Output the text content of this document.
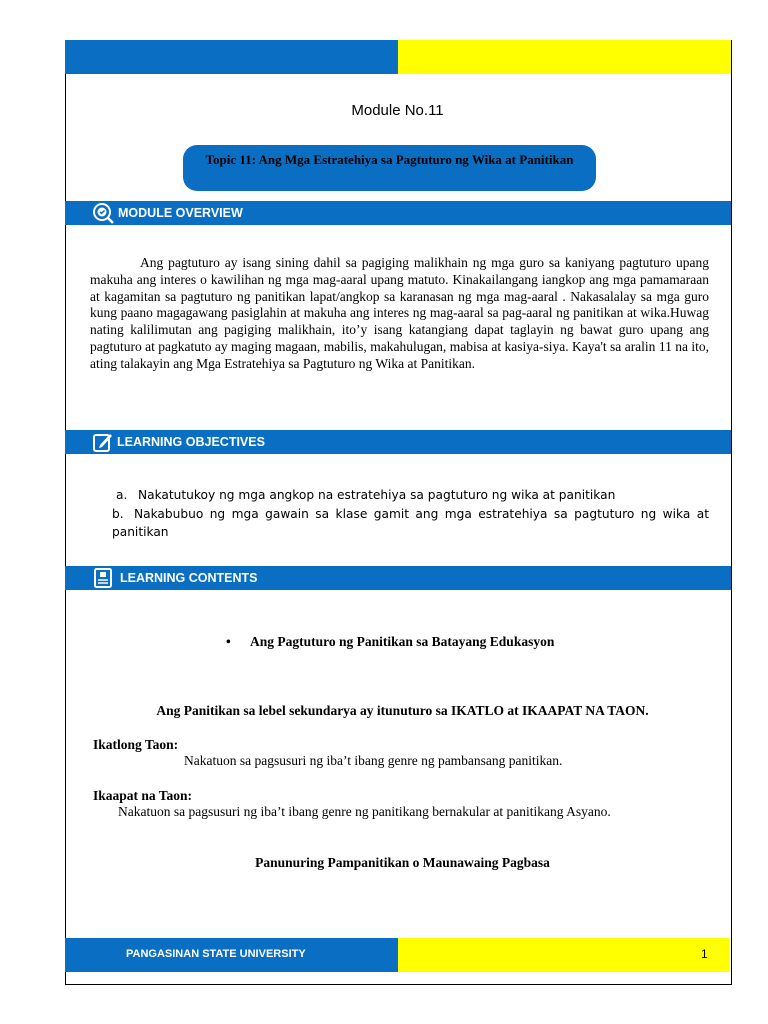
Module No.11
Topic 11: Ang Mga Estratehiya sa Pagtuturo ng Wika at Panitikan
MODULE OVERVIEW
Ang pagtuturo ay isang sining dahil sa pagiging malikhain ng mga guro sa kaniyang pagtuturo upang makuha ang interes o kawilihan ng mga mag-aaral upang matuto. Kinakailangang iangkop ang mga pamamaraan at kagamitan sa pagtuturo ng panitikan lapat/angkop sa karanasan ng mga mag-aaral . Nakasalalay sa mga guro kung paano magagawang pasiglahin at makuha ang interes ng mag-aaral sa pag-aaral ng panitikan at wika.Huwag nating kalilimutan ang pagiging malikhain, ito’y isang katangiang dapat taglayin ng bawat guro upang ang pagtuturo at pagkatuto ay maging magaan, mabilis, makahulugan, mabisa at kasiya-siya. Kaya't sa aralin 11 na ito, ating talakayin ang Mga Estratehiya sa Pagtuturo ng Wika at Panitikan.
LEARNING OBJECTIVES
a. Nakatutukoy ng mga angkop na estratehiya sa pagtuturo ng wika at panitikan
b. Nakabubuo ng mga gawain sa klase gamit ang mga estratehiya sa pagtuturo ng wika at panitikan
LEARNING CONTENTS
• Ang Pagtuturo ng Panitikan sa Batayang Edukasyon
Ang Panitikan sa lebel sekundarya ay itunuturo sa IKATLO at IKAAPAT NA TAON.
Ikatlong Taon:
Nakatuon sa pagsusuri ng iba’t ibang genre ng pambansang panitikan.
Ikaapat na Taon:
Nakatuon sa pagsusuri ng iba’t ibang genre ng panitikang bernakular at panitikang Asyano.
Panunuring Pampanitikan o Maunawaing Pagbasa
PANGASINAN STATE UNIVERSITY	1
